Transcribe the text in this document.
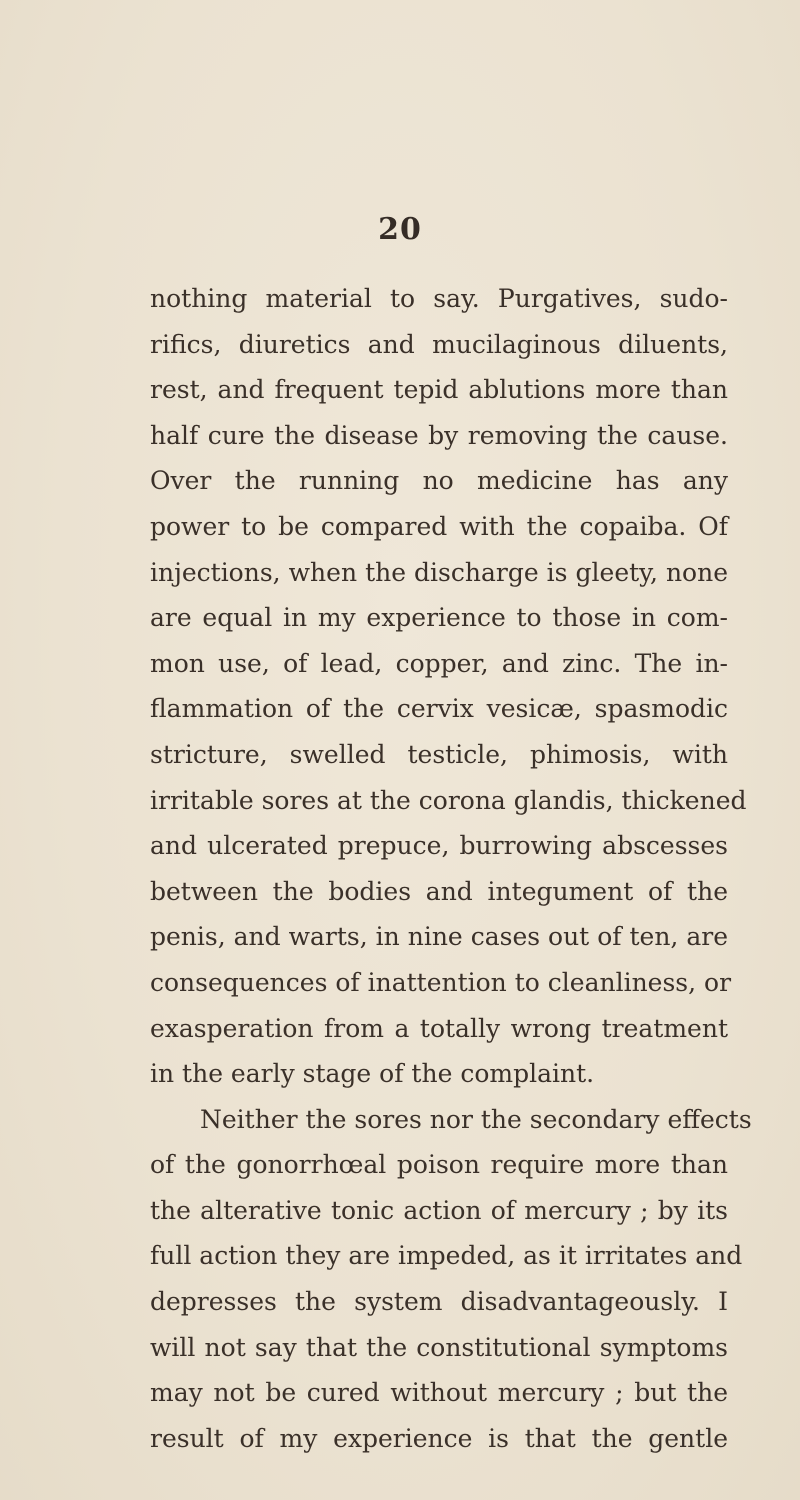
20
nothing material to say. Purgatives, sudo-
rifics, diuretics and mucilaginous diluents,
rest, and frequent tepid ablutions more than
half cure the disease by removing the cause.
Over the running no medicine has any
power to be compared with the copaiba. Of
injections, when the discharge is gleety, none
are equal in my experience to those in com-
mon use, of lead, copper, and zinc. The in-
flammation of the cervix vesicæ, spasmodic
stricture, swelled testicle, phimosis, with
irritable sores at the corona glandis, thickened
and ulcerated prepuce, burrowing abscesses
between the bodies and integument of the
penis, and warts, in nine cases out of ten, are
consequences of inattention to cleanliness, or
exasperation from a totally wrong treatment
in the early stage of the complaint.
Neither the sores nor the secondary effects
of the gonorrhœal poison require more than
the alterative tonic action of mercury ; by its
full action they are impeded, as it irritates and
depresses the system disadvantageously. I
will not say that the constitutional symptoms
may not be cured without mercury ; but the
result of my experience is that the gentle
